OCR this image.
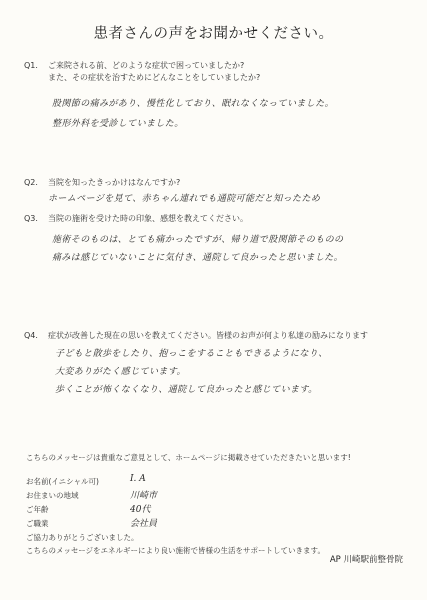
患者さんの声をお聞かせください。
Q1. ご来院される前、どのような症状で困っていましたか?
また、その症状を治すためにどんなことをしていましたか?
股関節の痛みがあり、慢性化しており、眠れなくなっていました。
整形外科を受診していました。
Q2. 当院を知ったきっかけはなんですか?
ホームページを見て、赤ちゃん連れでも通院可能だと知ったため
Q3. 当院の施術を受けた時の印象、感想を教えてください。
施術そのものは、とても痛かったですが、帰り道で股関節そのものの
痛みは感じていないことに気付き、通院して良かったと思いました。
Q4. 症状が改善した現在の思いを教えてください。皆様のお声が何より私達の励みになります
子どもと散歩をしたり、抱っこをすることもできるようになり、
大変ありがたく感じています。
歩くことが怖くなくなり、通院して良かったと感じています。
こちらのメッセージは貴重なご意見として、ホームページに掲載させていただきたいと思います!
お名前(イニシャル可)	I. A
お住まいの地域	川崎市
ご年齢	40代
ご職業	会社員
ご協力ありがとうございました。
こちらのメッセージをエネルギーにより良い施術で皆様の生活をサポートしていきます。
AP 川崎駅前整骨院
